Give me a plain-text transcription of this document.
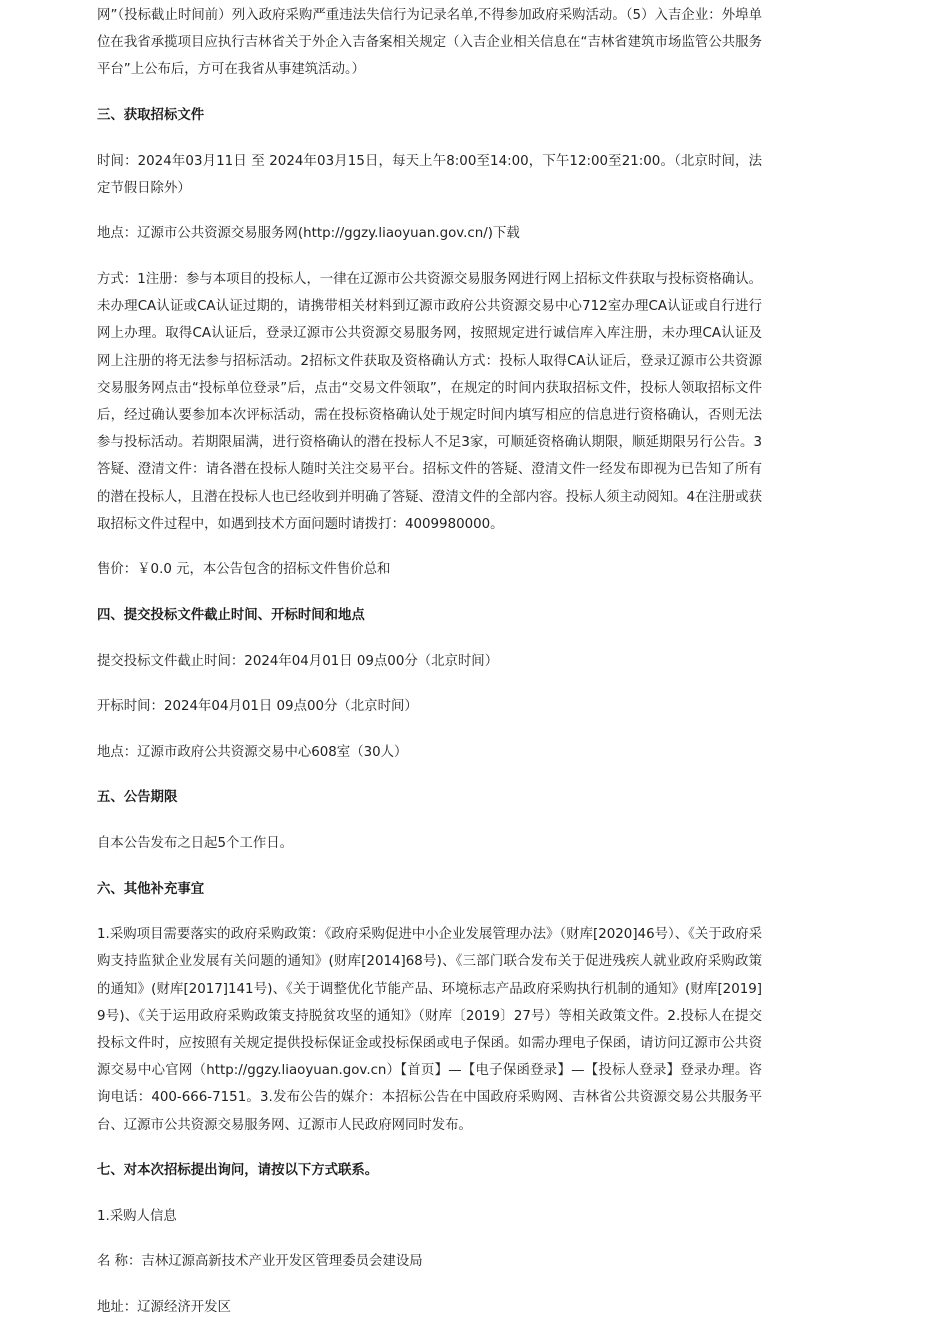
网”（投标截止时间前）列入政府采购严重违法失信行为记录名单,不得参加政府采购活动。（5）入吉企业：外埠单位在我省承揽项目应执行吉林省关于外企入吉备案相关规定（入吉企业相关信息在“吉林省建筑市场监管公共服务平台”上公布后，方可在我省从事建筑活动。）

三、获取招标文件

时间：2024年03月11日 至 2024年03月15日，每天上午8:00至14:00，下午12:00至21:00。（北京时间，法定节假日除外）

地点：辽源市公共资源交易服务网(http://ggzy.liaoyuan.gov.cn/)下载

方式：1注册：参与本项目的投标人，一律在辽源市公共资源交易服务网进行网上招标文件获取与投标资格确认。未办理CA认证或CA认证过期的，请携带相关材料到辽源市政府公共资源交易中心712室办理CA认证或自行进行网上办理。取得CA认证后，登录辽源市公共资源交易服务网，按照规定进行诚信库入库注册，未办理CA认证及网上注册的将无法参与招标活动。2招标文件获取及资格确认方式：投标人取得CA认证后，登录辽源市公共资源交易服务网点击“投标单位登录”后，点击“交易文件领取”，在规定的时间内获取招标文件，投标人领取招标文件后，经过确认要参加本次评标活动，需在投标资格确认处于规定时间内填写相应的信息进行资格确认，否则无法参与投标活动。若期限届满，进行资格确认的潜在投标人不足3家，可顺延资格确认期限，顺延期限另行公告。3答疑、澄清文件：请各潜在投标人随时关注交易平台。招标文件的答疑、澄清文件一经发布即视为已告知了所有的潜在投标人，且潜在投标人也已经收到并明确了答疑、澄清文件的全部内容。投标人须主动阅知。4在注册或获取招标文件过程中，如遇到技术方面问题时请拨打：4009980000。

售价：￥0.0 元，本公告包含的招标文件售价总和

四、提交投标文件截止时间、开标时间和地点

提交投标文件截止时间：2024年04月01日 09点00分（北京时间）

开标时间：2024年04月01日 09点00分（北京时间）

地点：辽源市政府公共资源交易中心608室（30人）

五、公告期限

自本公告发布之日起5个工作日。

六、其他补充事宜

1.采购项目需要落实的政府采购政策：《政府采购促进中小企业发展管理办法》（财库[2020]46号）、《关于政府采购支持监狱企业发展有关问题的通知》(财库[2014]68号)、《三部门联合发布关于促进残疾人就业政府采购政策的通知》(财库[2017]141号)、《关于调整优化节能产品、环境标志产品政府采购执行机制的通知》(财库[2019]9号)、《关于运用政府采购政策支持脱贫攻坚的通知》（财库〔2019〕27号）等相关政策文件。2.投标人在提交投标文件时，应按照有关规定提供投标保证金或投标保函或电子保函。如需办理电子保函，请访问辽源市公共资源交易中心官网（http://ggzy.liaoyuan.gov.cn）【首页】—【电子保函登录】—【投标人登录】登录办理。咨询电话：400-666-7151。3.发布公告的媒介：本招标公告在中国政府采购网、吉林省公共资源交易公共服务平台、辽源市公共资源交易服务网、辽源市人民政府网同时发布。

七、对本次招标提出询问，请按以下方式联系。

1.采购人信息

名 称：吉林辽源高新技术产业开发区管理委员会建设局

地址：辽源经济开发区
